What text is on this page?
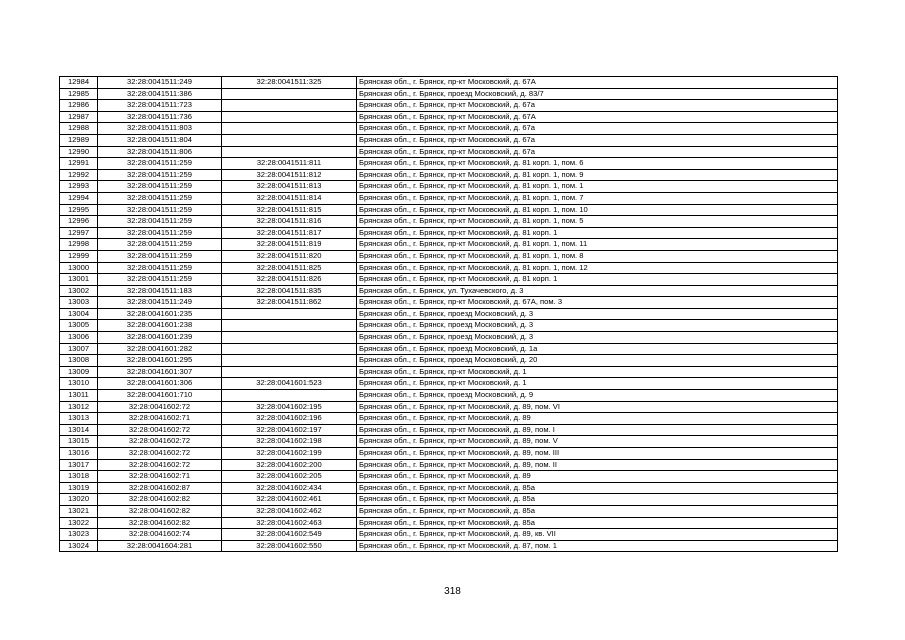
12984	32:28:0041511:249	32:28:0041511:325	Брянская обл., г. Брянск, пр-кт Московский, д. 67А
12985	32:28:0041511:386		Брянская обл., г. Брянск, проезд Московский, д. 83/7
12986	32:28:0041511:723		Брянская обл., г. Брянск, пр-кт Московский, д. 67а
12987	32:28:0041511:736		Брянская обл., г. Брянск, пр-кт Московский, д. 67А
12988	32:28:0041511:803		Брянская обл., г. Брянск, пр-кт Московский, д. 67а
12989	32:28:0041511:804		Брянская обл., г. Брянск, пр-кт Московский, д. 67а
12990	32:28:0041511:806		Брянская обл., г. Брянск, пр-кт Московский, д. 67а
12991	32:28:0041511:259	32:28:0041511:811	Брянская обл., г. Брянск, пр-кт Московский, д. 81 корп. 1, пом. 6
12992	32:28:0041511:259	32:28:0041511:812	Брянская обл., г. Брянск, пр-кт Московский, д. 81 корп. 1, пом. 9
12993	32:28:0041511:259	32:28:0041511:813	Брянская обл., г. Брянск, пр-кт Московский, д. 81 корп. 1, пом. 1
12994	32:28:0041511:259	32:28:0041511:814	Брянская обл., г. Брянск, пр-кт Московский, д. 81 корп. 1, пом. 7
12995	32:28:0041511:259	32:28:0041511:815	Брянская обл., г. Брянск, пр-кт Московский, д. 81 корп. 1, пом. 10
12996	32:28:0041511:259	32:28:0041511:816	Брянская обл., г. Брянск, пр-кт Московский, д. 81 корп. 1, пом. 5
12997	32:28:0041511:259	32:28:0041511:817	Брянская обл., г. Брянск, пр-кт Московский, д. 81 корп. 1
12998	32:28:0041511:259	32:28:0041511:819	Брянская обл., г. Брянск, пр-кт Московский, д. 81 корп. 1, пом. 11
12999	32:28:0041511:259	32:28:0041511:820	Брянская обл., г. Брянск, пр-кт Московский, д. 81 корп. 1, пом. 8
13000	32:28:0041511:259	32:28:0041511:825	Брянская обл., г. Брянск, пр-кт Московский, д. 81 корп. 1, пом. 12
13001	32:28:0041511:259	32:28:0041511:826	Брянская обл., г. Брянск, пр-кт Московский, д. 81 корп. 1
13002	32:28:0041511:183	32:28:0041511:835	Брянская обл., г. Брянск, ул. Тухачевского, д. 3
13003	32:28:0041511:249	32:28:0041511:862	Брянская обл., г. Брянск, пр-кт Московский, д. 67А, пом. 3
13004	32:28:0041601:235		Брянская обл., г. Брянск, проезд Московский, д. 3
13005	32:28:0041601:238		Брянская обл., г. Брянск, проезд Московский, д. 3
13006	32:28:0041601:239		Брянская обл., г. Брянск, проезд Московский, д. 3
13007	32:28:0041601:282		Брянская обл., г. Брянск, проезд Московский, д. 1а
13008	32:28:0041601:295		Брянская обл., г. Брянск, проезд Московский, д. 20
13009	32:28:0041601:307		Брянская обл., г. Брянск, пр-кт Московский, д. 1
13010	32:28:0041601:306	32:28:0041601:523	Брянская обл., г. Брянск, пр-кт Московский, д. 1
13011	32:28:0041601:710		Брянская обл., г. Брянск, проезд Московский, д. 9
13012	32:28:0041602:72	32:28:0041602:195	Брянская обл., г. Брянск, пр-кт Московский, д. 89, пом. VI
13013	32:28:0041602:71	32:28:0041602:196	Брянская обл., г. Брянск, пр-кт Московский, д. 89
13014	32:28:0041602:72	32:28:0041602:197	Брянская обл., г. Брянск, пр-кт Московский, д. 89, пом. I
13015	32:28:0041602:72	32:28:0041602:198	Брянская обл., г. Брянск, пр-кт Московский, д. 89, пом. V
13016	32:28:0041602:72	32:28:0041602:199	Брянская обл., г. Брянск, пр-кт Московский, д. 89, пом. III
13017	32:28:0041602:72	32:28:0041602:200	Брянская обл., г. Брянск, пр-кт Московский, д. 89, пом. II
13018	32:28:0041602:71	32:28:0041602:205	Брянская обл., г. Брянск, пр-кт Московский, д. 89
13019	32:28:0041602:87	32:28:0041602:434	Брянская обл., г. Брянск, пр-кт Московский, д. 85а
13020	32:28:0041602:82	32:28:0041602:461	Брянская обл., г. Брянск, пр-кт Московский, д. 85а
13021	32:28:0041602:82	32:28:0041602:462	Брянская обл., г. Брянск, пр-кт Московский, д. 85а
13022	32:28:0041602:82	32:28:0041602:463	Брянская обл., г. Брянск, пр-кт Московский, д. 85а
13023	32:28:0041602:74	32:28:0041602:549	Брянская обл., г. Брянск, пр-кт Московский, д. 89, кв. VII
13024	32:28:0041604:281	32:28:0041602:550	Брянская обл., г. Брянск, пр-кт Московский, д. 87, пом. 1
318
